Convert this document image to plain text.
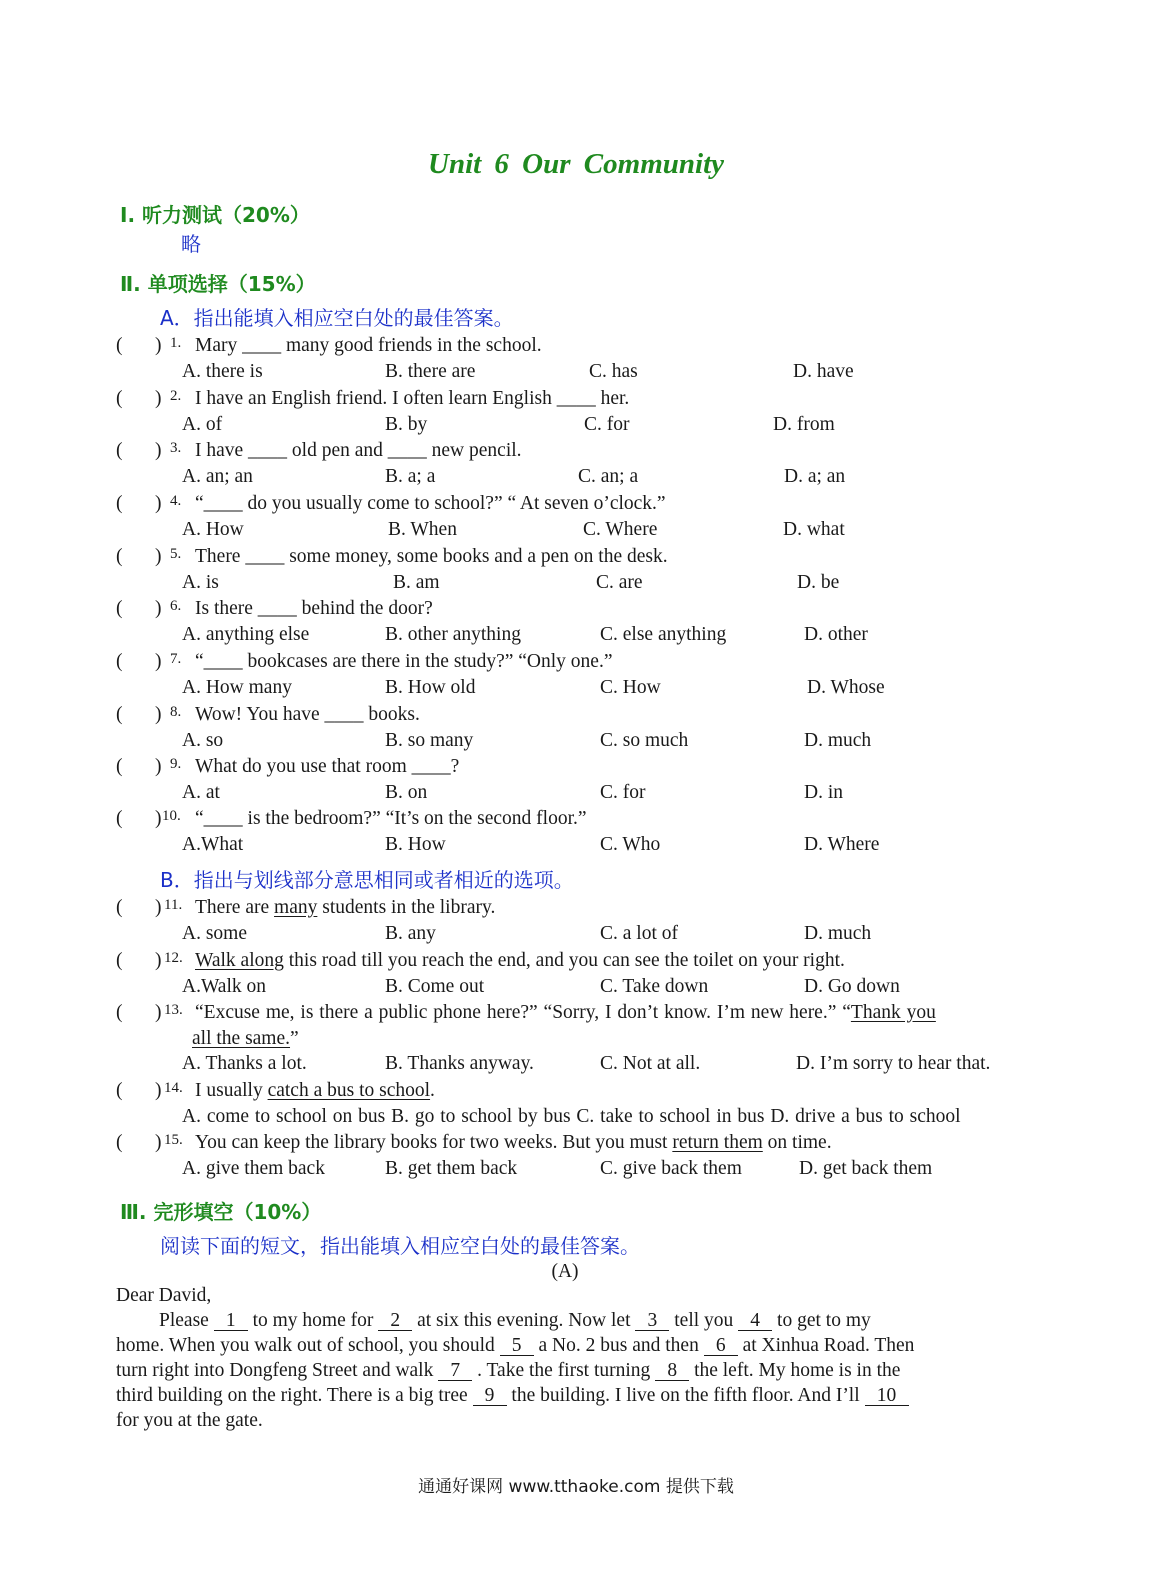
Unit 6 Our Community
Ⅰ. 听力测试（20%）
略
Ⅱ. 单项选择（15%）
A．指出能填入相应空白处的最佳答案。
( ) 1. Mary ____ many good friends in the school.
A. there is	B. there are	C. has	D. have
( ) 2. I have an English friend. I often learn English ____ her.
A. of	B. by	C. for	D. from
( ) 3. I have ____ old pen and ____ new pencil.
A. an; an	B. a; a	C. an; a	D. a; an
( ) 4. “____ do you usually come to school?” “ At seven o’clock.”
A. How	B. When	C. Where	D. what
( ) 5. There ____ some money, some books and a pen on the desk.
A. is	B. am	C. are	D. be
( ) 6. Is there ____ behind the door?
A. anything else	B. other anything	C. else anything	D. other
( ) 7. “____ bookcases are there in the study?” “Only one.”
A. How many	B. How old	C. How	D. Whose
( ) 8. Wow! You have ____ books.
A. so	B. so many	C. so much	D. much
( ) 9. What do you use that room ____?
A. at	B. on	C. for	D. in
( ) 10. “____ is the bedroom?” “It’s on the second floor.”
A.What	B. How	C. Who	D. Where
B．指出与划线部分意思相同或者相近的选项。
( ) 11. There are many students in the library.
A. some	B. any	C. a lot of	D. much
( ) 12. Walk along this road till you reach the end, and you can see the toilet on your right.
A.Walk on	B. Come out	C. Take down	D. Go down
( ) 13. “Excuse me, is there a public phone here?” “Sorry, I don’t know. I’m new here.” “Thank you
all the same.”
A. Thanks a lot.	B. Thanks anyway.	C. Not at all.	D. I’m sorry to hear that.
( ) 14. I usually catch a bus to school.
A. come to school on bus B. go to school by bus C. take to school in bus D. drive a bus to school
( ) 15. You can keep the library books for two weeks. But you must return them on time.
A. give them back	B. get them back	C. give back them	D. get back them
Ⅲ. 完形填空（10%）
阅读下面的短文，指出能填入相应空白处的最佳答案。
(A)
Dear David,
Please 1 to my home for 2 at six this evening. Now let 3 tell you 4 to get to my
home. When you walk out of school, you should 5 a No. 2 bus and then 6 at Xinhua Road. Then
turn right into Dongfeng Street and walk 7 . Take the first turning 8 the left. My home is in the
third building on the right. There is a big tree 9 the building. I live on the fifth floor. And I’ll 10
for you at the gate.
通通好课网 www.tthaoke.com 提供下载
